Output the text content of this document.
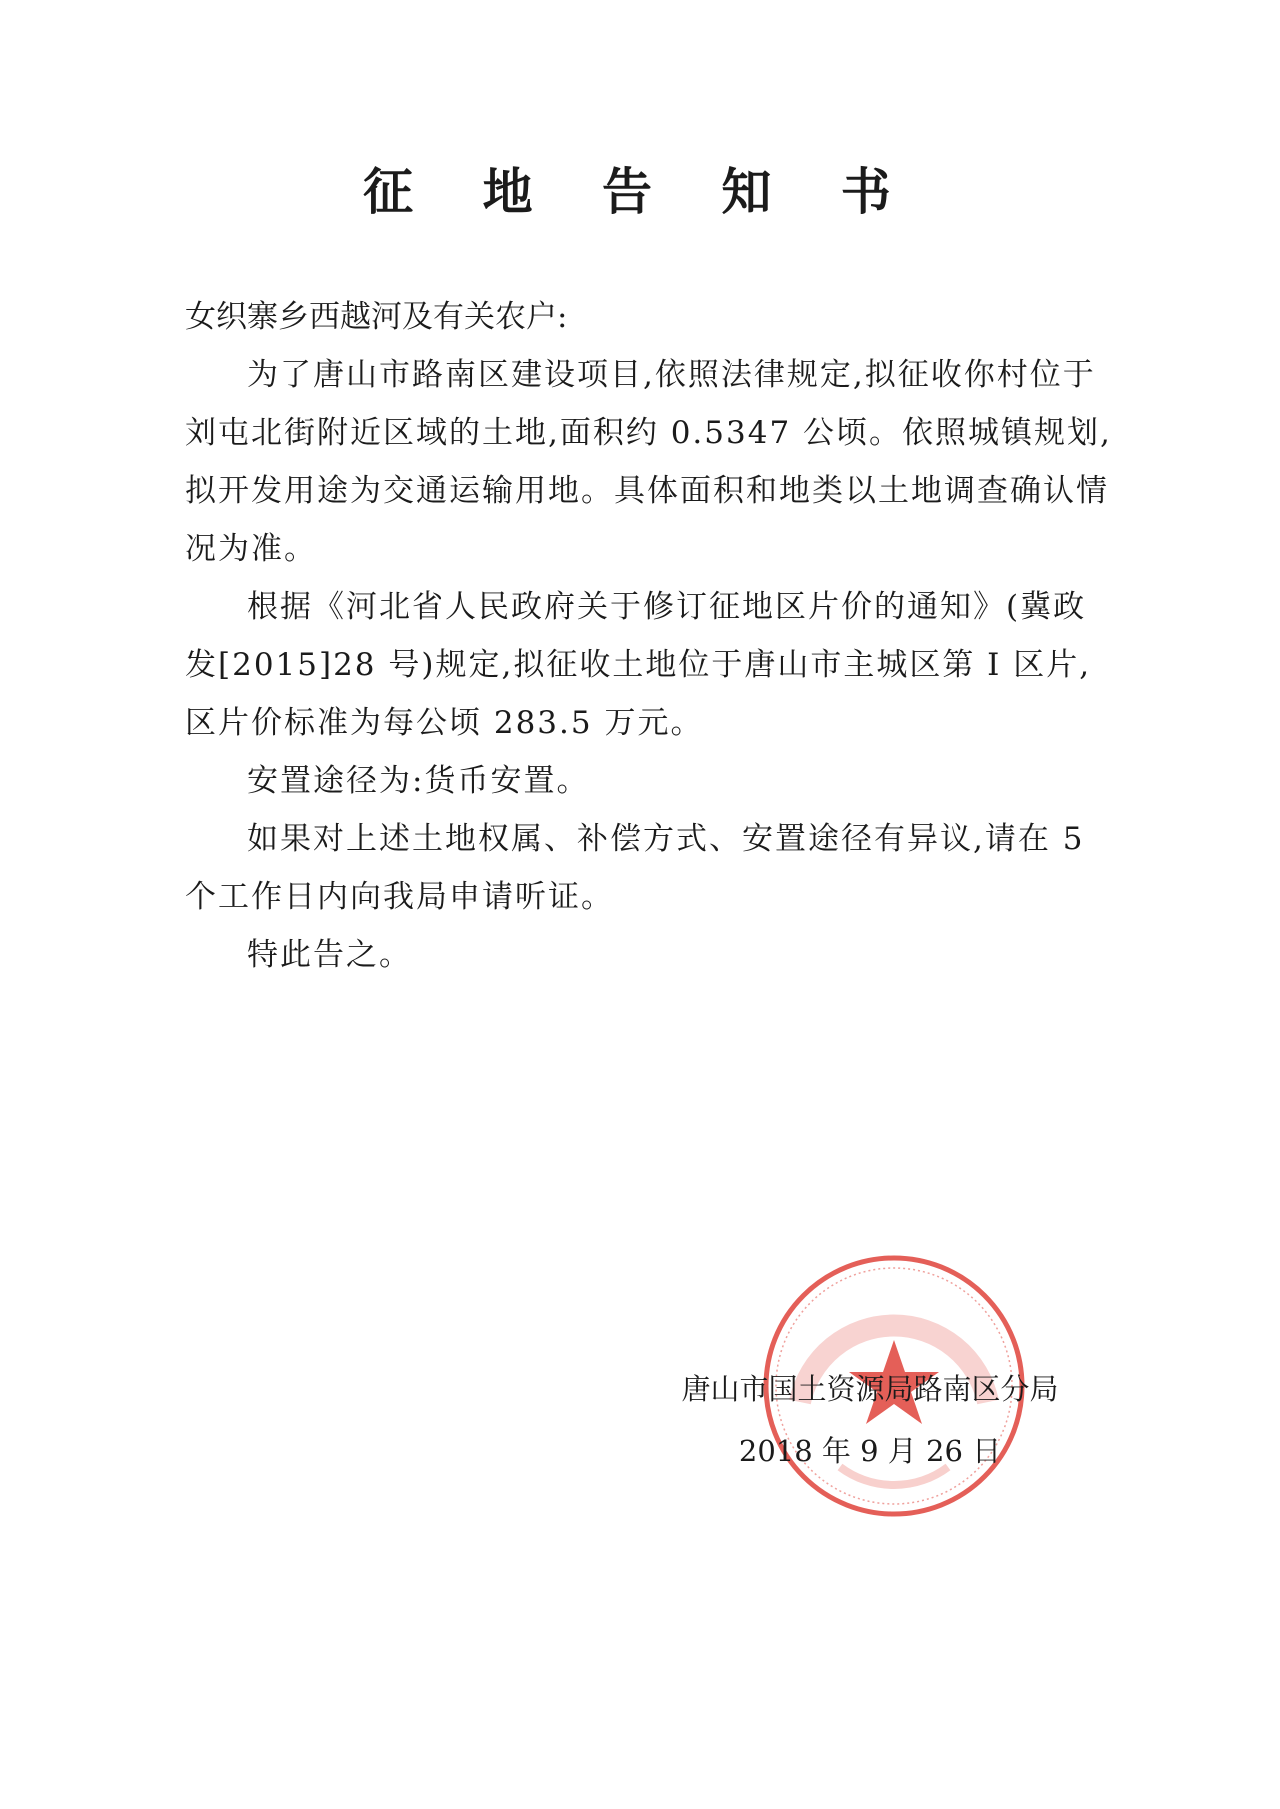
征 地 告 知 书

女织寨乡西越河及有关农户:

为了唐山市路南区建设项目,依照法律规定,拟征收你村位于刘屯北街附近区域的土地,面积约 0.5347 公顷。依照城镇规划,拟开发用途为交通运输用地。具体面积和地类以土地调查确认情况为准。

根据《河北省人民政府关于修订征地区片价的通知》(冀政发[2015]28 号)规定,拟征收土地位于唐山市主城区第 I 区片,区片价标准为每公顷 283.5 万元。

安置途径为:货币安置。

如果对上述土地权属、补偿方式、安置途径有异议,请在 5 个工作日内向我局申请听证。

特此告之。

唐山市国土资源局路南区分局
2018 年 9 月 26 日
